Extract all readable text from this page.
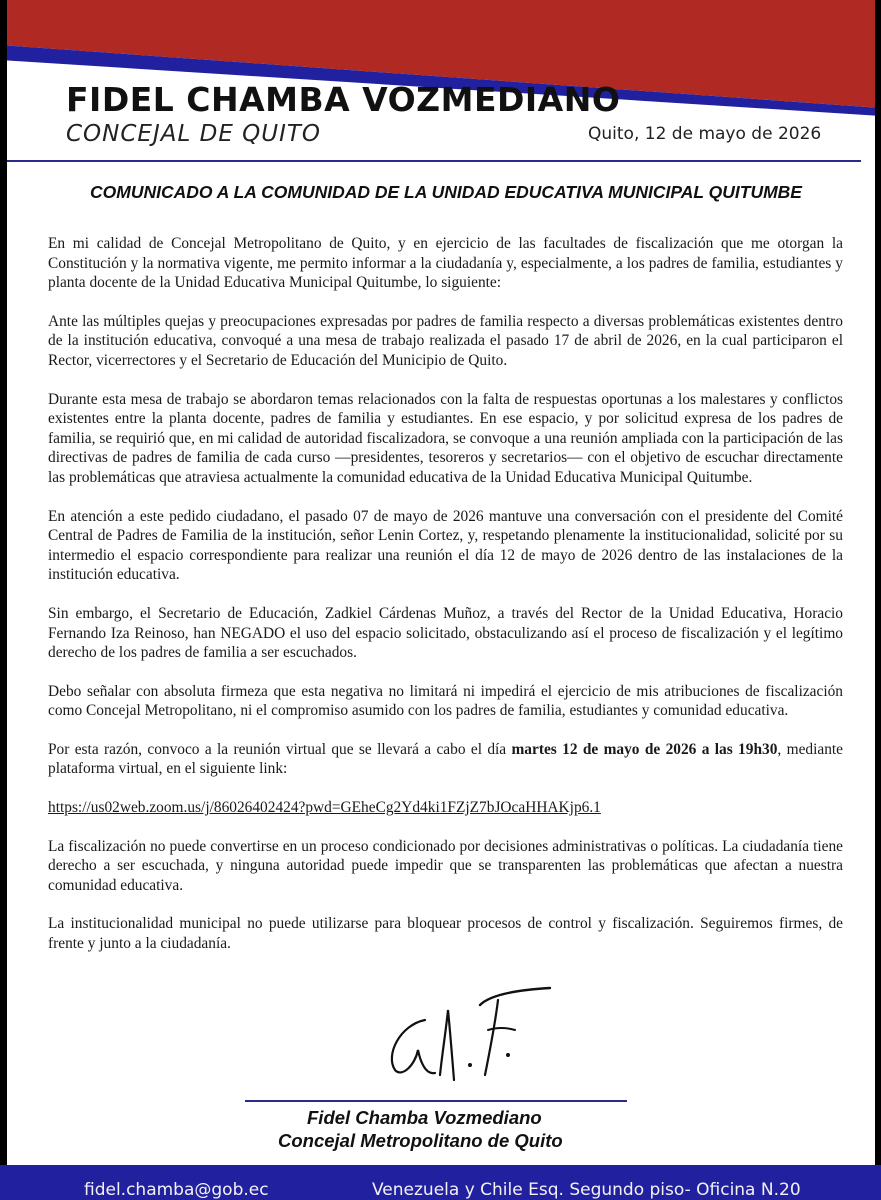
FIDEL CHAMBA VOZMEDIANO
CONCEJAL DE QUITO	Quito, 12 de mayo de 2026
COMUNICADO A LA COMUNIDAD DE LA UNIDAD EDUCATIVA MUNICIPAL QUITUMBE

En mi calidad de Concejal Metropolitano de Quito, y en ejercicio de las facultades de fiscalización que me otorgan la Constitución y la normativa vigente, me permito informar a la ciudadanía y, especialmente, a los padres de familia, estudiantes y planta docente de la Unidad Educativa Municipal Quitumbe, lo siguiente:

Ante las múltiples quejas y preocupaciones expresadas por padres de familia respecto a diversas problemáticas existentes dentro de la institución educativa, convoqué a una mesa de trabajo realizada el pasado 17 de abril de 2026, en la cual participaron el Rector, vicerrectores y el Secretario de Educación del Municipio de Quito.

Durante esta mesa de trabajo se abordaron temas relacionados con la falta de respuestas oportunas a los malestares y conflictos existentes entre la planta docente, padres de familia y estudiantes. En ese espacio, y por solicitud expresa de los padres de familia, se requirió que, en mi calidad de autoridad fiscalizadora, se convoque a una reunión ampliada con la participación de las directivas de padres de familia de cada curso —presidentes, tesoreros y secretarios— con el objetivo de escuchar directamente las problemáticas que atraviesa actualmente la comunidad educativa de la Unidad Educativa Municipal Quitumbe.

En atención a este pedido ciudadano, el pasado 07 de mayo de 2026 mantuve una conversación con el presidente del Comité Central de Padres de Familia de la institución, señor Lenin Cortez, y, respetando plenamente la institucionalidad, solicité por su intermedio el espacio correspondiente para realizar una reunión el día 12 de mayo de 2026 dentro de las instalaciones de la institución educativa.

Sin embargo, el Secretario de Educación, Zadkiel Cárdenas Muñoz, a través del Rector de la Unidad Educativa, Horacio Fernando Iza Reinoso, han NEGADO el uso del espacio solicitado, obstaculizando así el proceso de fiscalización y el legítimo derecho de los padres de familia a ser escuchados.

Debo señalar con absoluta firmeza que esta negativa no limitará ni impedirá el ejercicio de mis atribuciones de fiscalización como Concejal Metropolitano, ni el compromiso asumido con los padres de familia, estudiantes y comunidad educativa.

Por esta razón, convoco a la reunión virtual que se llevará a cabo el día martes 12 de mayo de 2026 a las 19h30, mediante plataforma virtual, en el siguiente link:

https://us02web.zoom.us/j/86026402424?pwd=GEheCg2Yd4ki1FZjZ7bJOcaHHAKjp6.1

La fiscalización no puede convertirse en un proceso condicionado por decisiones administrativas o políticas. La ciudadanía tiene derecho a ser escuchada, y ninguna autoridad puede impedir que se transparenten las problemáticas que afectan a nuestra comunidad educativa.

La institucionalidad municipal no puede utilizarse para bloquear procesos de control y fiscalización. Seguiremos firmes, de frente y junto a la ciudadanía.

Fidel Chamba Vozmediano
Concejal Metropolitano de Quito
fidel.chamba@gob.ec	Venezuela y Chile Esq. Segundo piso- Oficina N.20
